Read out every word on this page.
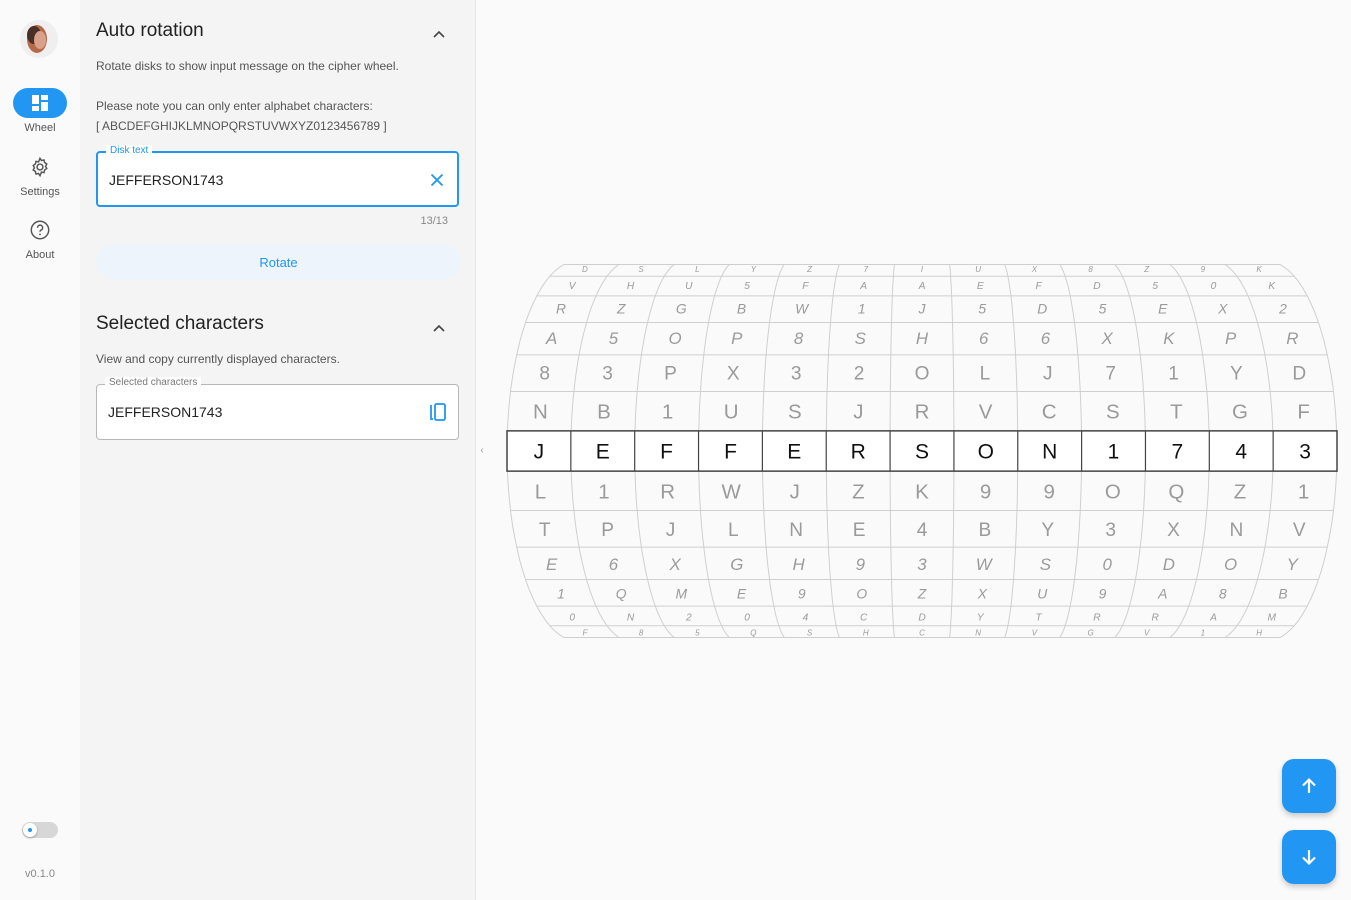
Wheel
Settings
About
v0.1.0
Auto rotation
Rotate disks to show input message on the cipher wheel.
Please note you can only enter alphabet characters:
[ ABCDEFGHIJKLMNOPQRSTUVWXYZ0123456789 ]
Disk text
JEFFERSON1743
13/13
Rotate
Selected characters
View and copy currently displayed characters.
Selected characters
JEFFERSON1743
‹
D	S	L	Y	Z	7	I	U	X	8	Z	9	K
V	H	U	5	F	A	A	E	F	D	5	0	K
R	Z	G	B	W	1	J	5	D	5	E	X	2
A	5	O	P	8	S	H	6	6	X	K	P	R
8	3	P	X	3	2	O	L	J	7	1	Y	D
N B 1 U S	J R V C S T G F
J E F F E R S O N 1 7 4 3
L	1 R W J	Z K 9	9 O Q Z	1
T	P	J	L	N	E	4	B	Y	3	X	N	V
E	6	X	G	H	9	3	W	S	0	D	O	Y
1	Q	M	E	9	O	Z	X	U	9	A	8	B
0	N	2	0	4	C	D	Y	T	R	R	A	M
F	8	5	Q	S	H	C	N	V	G	V	1	H
